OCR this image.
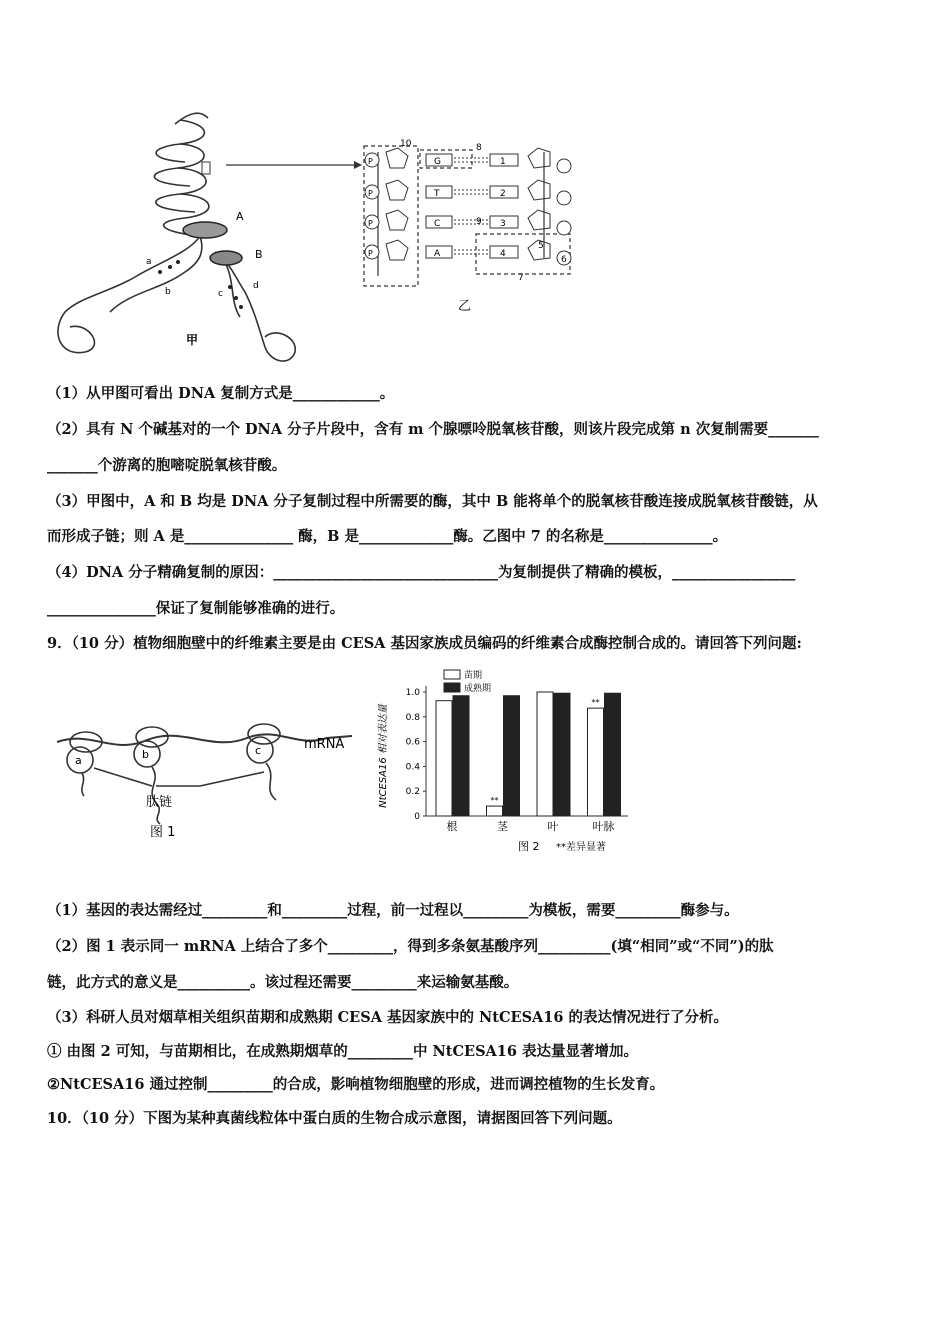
A
B
a
b	c
d
甲
P	G	1
P	T	2
P	C	3
P	A	4
5
6
10	8
7
9
乙
（1）从甲图可看出 DNA 复制方式是____________。
（2）具有 N 个碱基对的一个 DNA 分子片段中，含有 m 个腺嘌呤脱氧核苷酸，则该片段完成第 n 次复制需要_______
_______个游离的胞嘧啶脱氧核苷酸。
（3）甲图中，A 和 B 均是 DNA 分子复制过程中所需要的酶，其中 B 能将单个的脱氧核苷酸连接成脱氧核苷酸链，从
而形成子链；则 A 是_______________ 酶，B 是_____________酶。乙图中 7 的名称是_______________。
（4）DNA 分子精确复制的原因：_______________________________为复制提供了精确的模板，_________________
_______________保证了复制能够准确的进行。
9．（10 分）植物细胞壁中的纤维素主要是由 CESA 基因家族成员编码的纤维素合成酶控制合成的。请回答下列问题:
a	b	c	mRNA
肽链
图 1
0
0.2
0.4
0.6
0.8
1.0
NtCESA16 相对表达量
根
**
茎	叶
**
叶脉
苗期
成熟期
图 2 **差异显著
（1）基因的表达需经过_________和_________过程，前一过程以_________为模板，需要_________酶参与。
（2）图 1 表示同一 mRNA 上结合了多个_________，得到多条氨基酸序列__________(填“相同”或“不同”)的肽
链，此方式的意义是__________。该过程还需要_________来运输氨基酸。
（3）科研人员对烟草相关组织苗期和成熟期 CESA 基因家族中的 NtCESA16 的表达情况进行了分析。
① 由图 2 可知，与苗期相比，在成熟期烟草的_________中 NtCESA16 表达量显著增加。
②NtCESA16 通过控制_________的合成，影响植物细胞壁的形成，进而调控植物的生长发育。
10．（10 分）下图为某种真菌线粒体中蛋白质的生物合成示意图，请据图回答下列问题。
